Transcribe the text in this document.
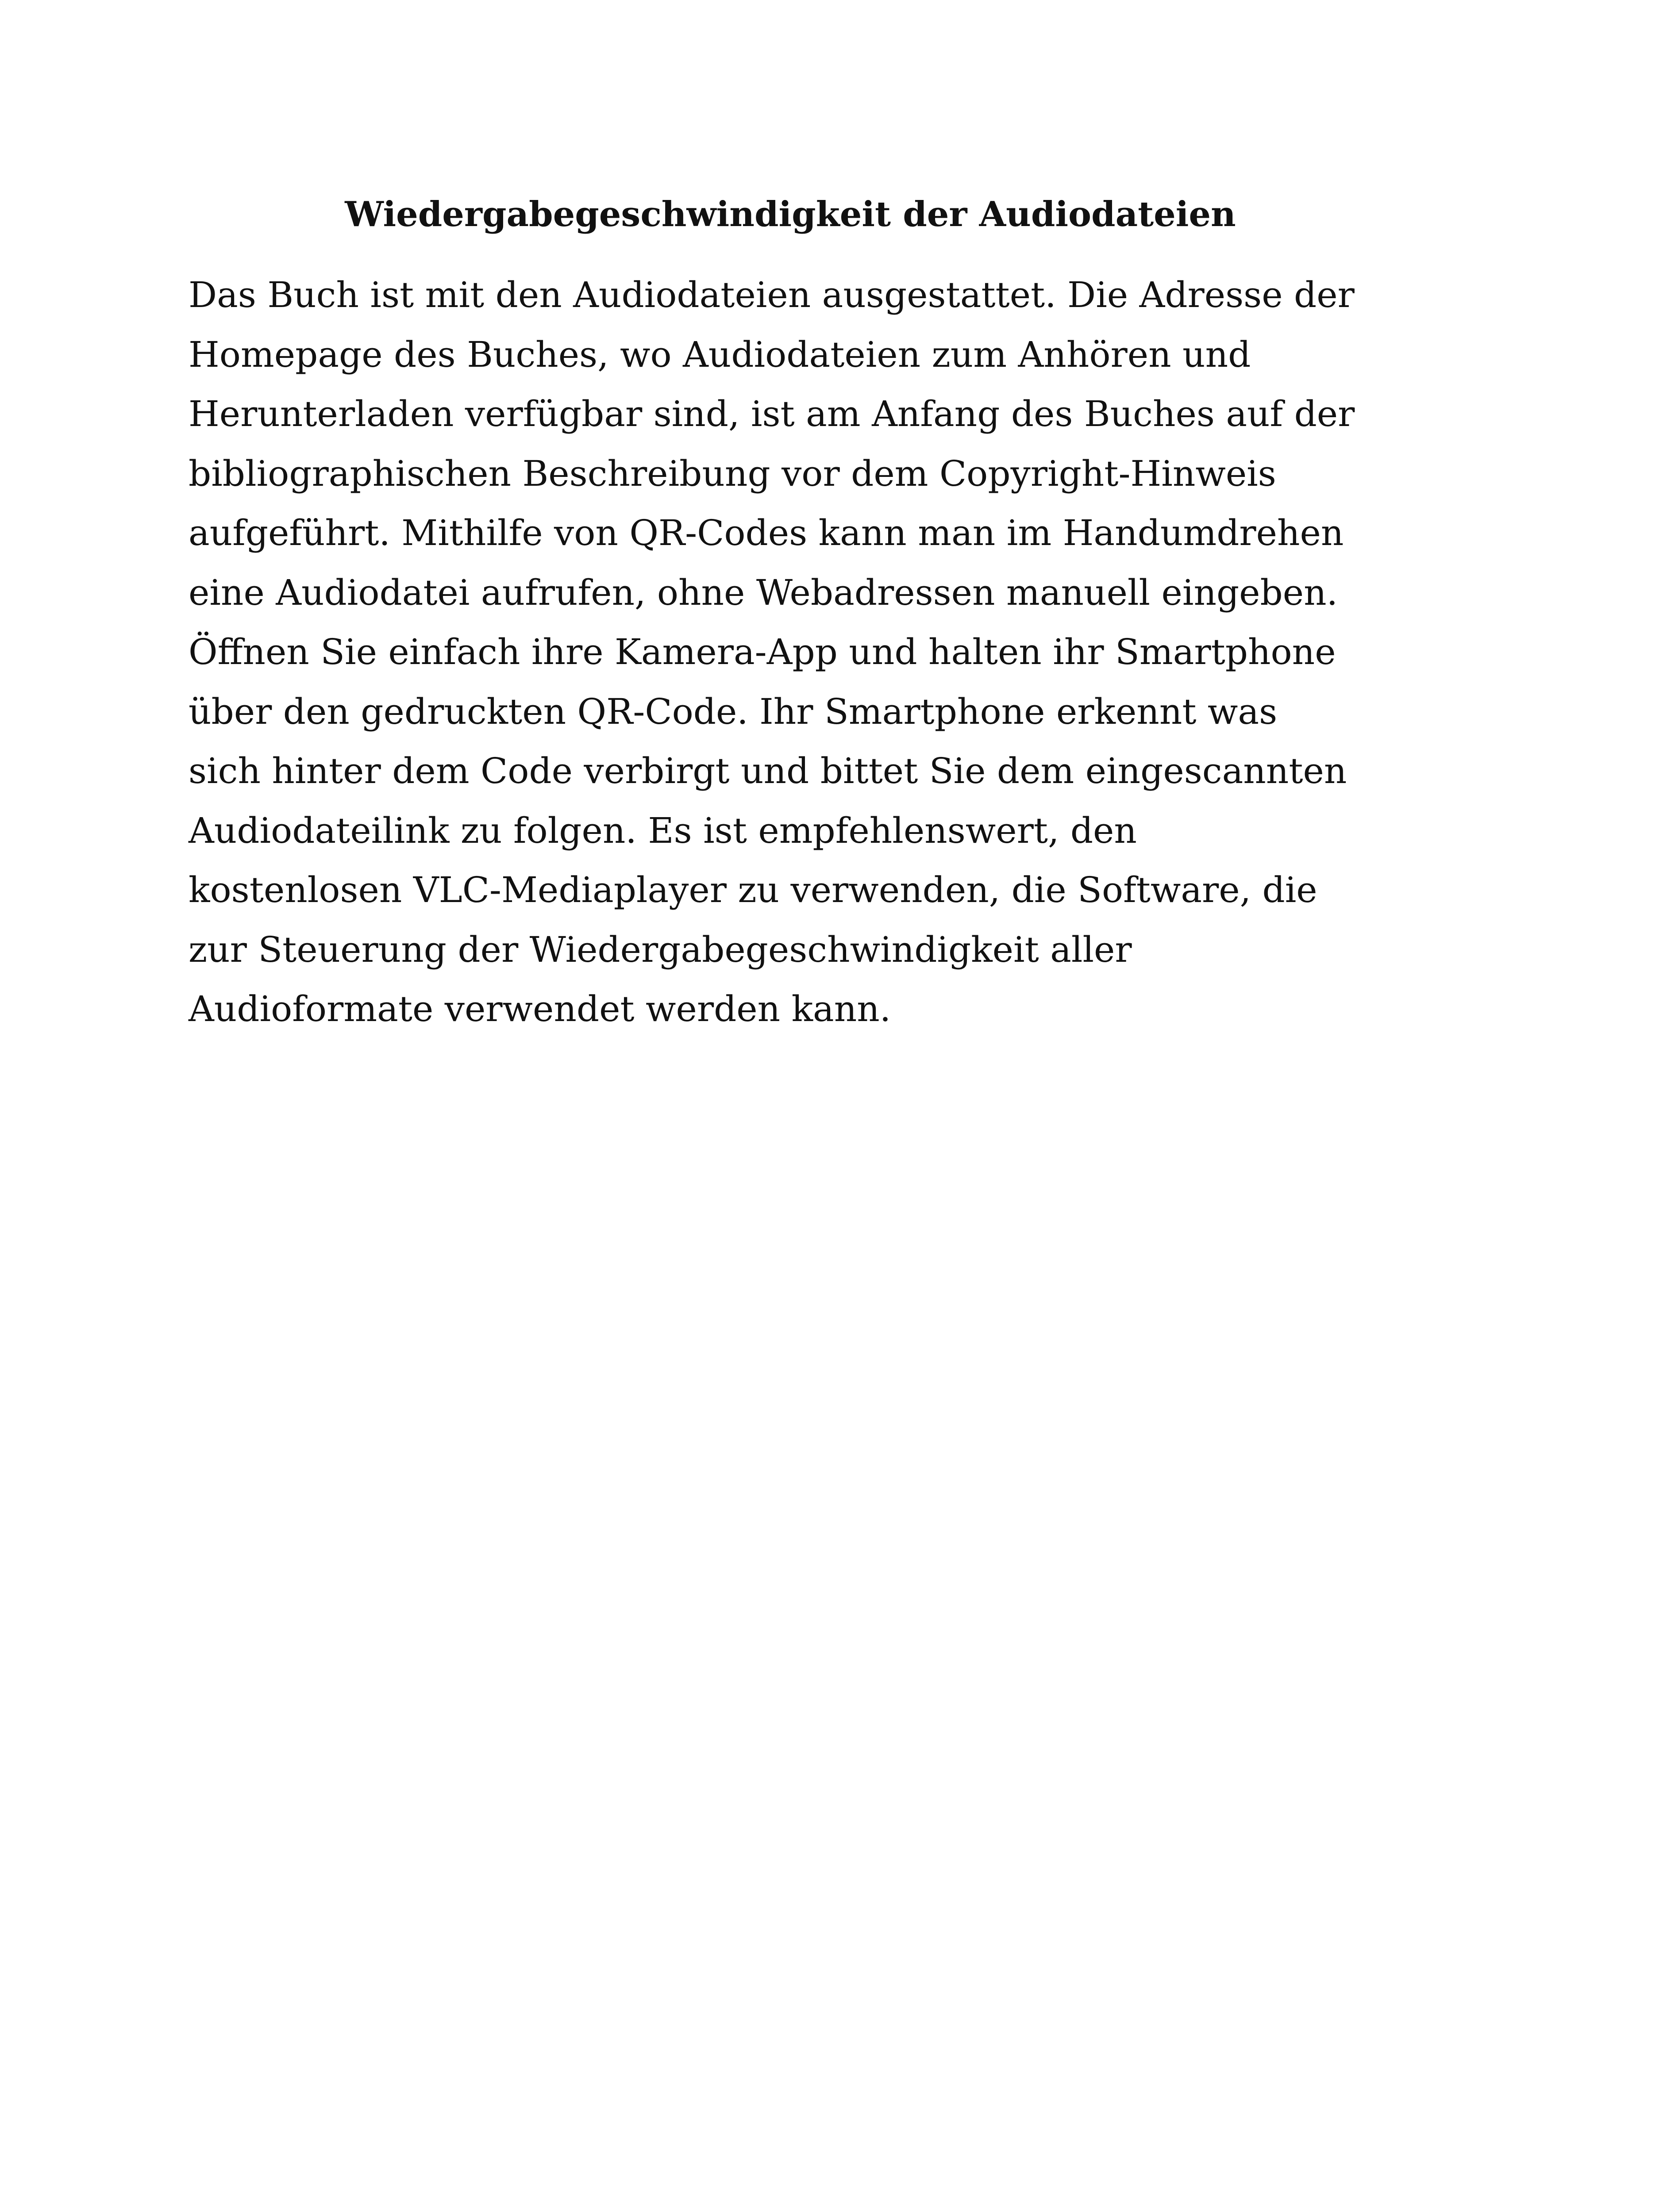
Wiedergabegeschwindigkeit der Audiodateien

Das Buch ist mit den Audiodateien ausgestattet. Die Adresse der
Homepage des Buches, wo Audiodateien zum Anhören und
Herunterladen verfügbar sind, ist am Anfang des Buches auf der
bibliographischen Beschreibung vor dem Copyright-Hinweis
aufgeführt. Mithilfe von QR-Codes kann man im Handumdrehen
eine Audiodatei aufrufen, ohne Webadressen manuell eingeben.
Öffnen Sie einfach ihre Kamera-App und halten ihr Smartphone
über den gedruckten QR-Code. Ihr Smartphone erkennt was
sich hinter dem Code verbirgt und bittet Sie dem eingescannten
Audiodateilink zu folgen. Es ist empfehlenswert, den
kostenlosen VLC-Mediaplayer zu verwenden, die Software, die
zur Steuerung der Wiedergabegeschwindigkeit aller
Audioformate verwendet werden kann.
